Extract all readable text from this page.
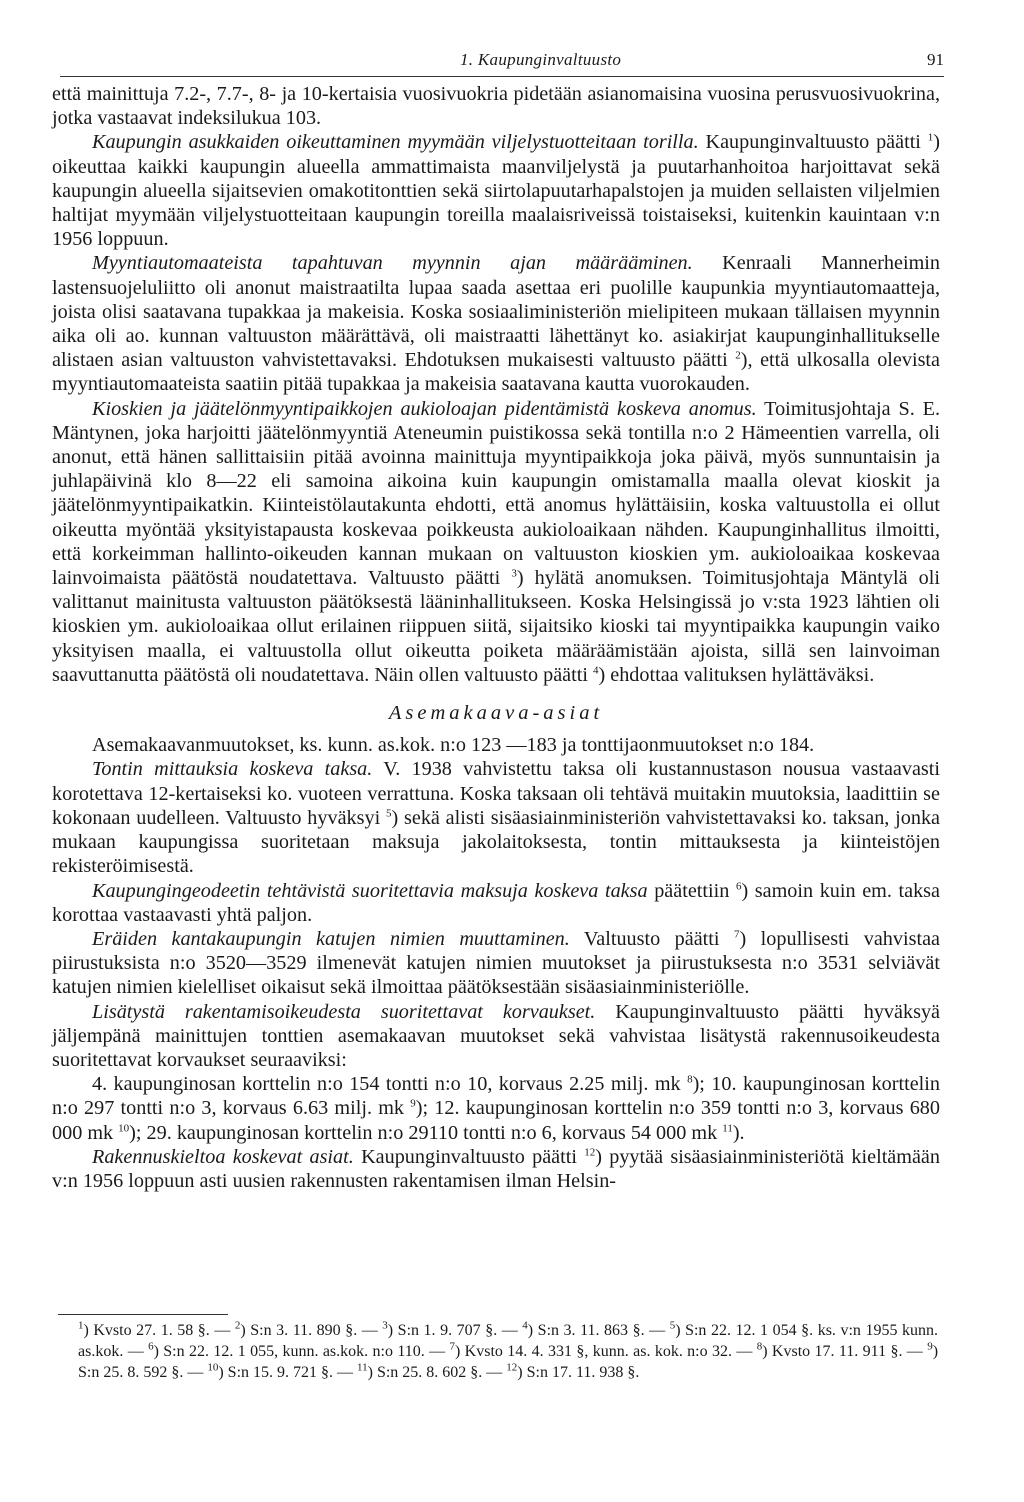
1. Kaupunginvaltuusto	91

että mainittuja 7.2-, 7.7-, 8- ja 10-kertaisia vuosivuokria pidetään asianomaisina vuosina perusvuosivuokrina, jotka vastaavat indeksilukua 103.

Kaupungin asukkaiden oikeuttaminen myymään viljelystuotteitaan torilla. Kaupunginvaltuusto päätti $^1$) oikeuttaa kaikki kaupungin alueella ammattimaista maanviljelystä ja puutarhanhoitoa harjoittavat sekä kaupungin alueella sijaitsevien omakotitonttien sekä siirtolapuutarhapalstojen ja muiden sellaisten viljelmien haltijat myymään viljelystuotteitaan kaupungin toreilla maalaisriveissä toistaiseksi, kuitenkin kauintaan v:n 1956 loppuun.

Myyntiautomaateista tapahtuvan myynnin ajan määrääminen. Kenraali Mannerheimin lastensuojeluliitto oli anonut maistraatilta lupaa saada asettaa eri puolille kaupunkia myyntiautomaatteja, joista olisi saatavana tupakkaa ja makeisia. Koska sosiaaliministeriön mielipiteen mukaan tällaisen myynnin aika oli ao. kunnan valtuuston määrättävä, oli maistraatti lähettänyt ko. asiakirjat kaupunginhallitukselle alistaen asian valtuuston vahvistettavaksi. Ehdotuksen mukaisesti valtuusto päätti $^2$), että ulkosalla olevista myyntiautomaateista saatiin pitää tupakkaa ja makeisia saatavana kautta vuorokauden.

Kioskien ja jäätelönmyyntipaikkojen aukioloajan pidentämistä koskeva anomus. Toimitusjohtaja S. E. Mäntynen, joka harjoitti jäätelönmyyntiä Ateneumin puistikossa sekä tontilla n:o 2 Hämeentien varrella, oli anonut, että hänen sallittaisiin pitää avoinna mainittuja myyntipaikkoja joka päivä, myös sunnuntaisin ja juhlapäivinä klo 8—22 eli samoina aikoina kuin kaupungin omistamalla maalla olevat kioskit ja jäätelönmyyntipaikatkin. Kiinteistölautakunta ehdotti, että anomus hylättäisiin, koska valtuustolla ei ollut oikeutta myöntää yksityistapausta koskevaa poikkeusta aukioloaikaan nähden. Kaupunginhallitus ilmoitti, että korkeimman hallinto-oikeuden kannan mukaan on valtuuston kioskien ym. aukioloaikaa koskevaa lainvoimaista päätöstä noudatettava. Valtuusto päätti $^3$) hylätä anomuksen. Toimitusjohtaja Mäntylä oli valittanut mainitusta valtuuston päätöksestä lääninhallitukseen. Koska Helsingissä jo v:sta 1923 lähtien oli kioskien ym. aukioloaikaa ollut erilainen riippuen siitä, sijaitsiko kioski tai myyntipaikka kaupungin vaiko yksityisen maalla, ei valtuustolla ollut oikeutta poiketa määräämistään ajoista, sillä sen lainvoiman saavuttanutta päätöstä oli noudatettava. Näin ollen valtuusto päätti $^4$) ehdottaa valituksen hylättäväksi.

Asemakaava-asiat

Asemakaavanmuutokset, ks. kunn. as.kok. n:o 123 —183 ja tonttijaonmuutokset n:o 184.

Tontin mittauksia koskeva taksa. V. 1938 vahvistettu taksa oli kustannustason nousua vastaavasti korotettava 12-kertaiseksi ko. vuoteen verrattuna. Koska taksaan oli tehtävä muitakin muutoksia, laadittiin se kokonaan uudelleen. Valtuusto hyväksyi $^5$) sekä alisti sisäasiainministeriön vahvistettavaksi ko. taksan, jonka mukaan kaupungissa suoritetaan maksuja jakolaitoksesta, tontin mittauksesta ja kiinteistöjen rekisteröimisestä.

Kaupungingeodeetin tehtävistä suoritettavia maksuja koskeva taksa päätettiin $^6$) samoin kuin em. taksa korottaa vastaavasti yhtä paljon.

Eräiden kantakaupungin katujen nimien muuttaminen. Valtuusto päätti $^7$) lopullisesti vahvistaa piirustuksista n:o 3520—3529 ilmenevät katujen nimien muutokset ja piirustuksesta n:o 3531 selviävät katujen nimien kielelliset oikaisut sekä ilmoittaa päätöksestään sisäasiainministeriölle.

Lisätystä rakentamisoikeudesta suoritettavat korvaukset. Kaupunginvaltuusto päätti hyväksyä jäljempänä mainittujen tonttien asemakaavan muutokset sekä vahvistaa lisätystä rakennusoikeudesta suoritettavat korvaukset seuraaviksi:

4. kaupunginosan korttelin n:o 154 tontti n:o 10, korvaus 2.25 milj. mk $^8$); 10. kaupunginosan korttelin n:o 297 tontti n:o 3, korvaus 6.63 milj. mk $^9$); 12. kaupunginosan korttelin n:o 359 tontti n:o 3, korvaus 680 000 mk $^{10}$); 29. kaupunginosan korttelin n:o 29110 tontti n:o 6, korvaus 54 000 mk $^{11}$).

Rakennuskieltoa koskevat asiat. Kaupunginvaltuusto päätti $^{12}$) pyytää sisäasiainministeriötä kieltämään v:n 1956 loppuun asti uusien rakennusten rakentamisen ilman Helsin-

$^1$) Kvsto 27. 1. 58 §. — $^2$) S:n 3. 11. 890 §. — $^3$) S:n 1. 9. 707 §. — $^4$) S:n 3. 11. 863 §. — $^5$) S:n 22. 12. 1 054 §. ks. v:n 1955 kunn. as.kok. — $^6$) S:n 22. 12. 1 055, kunn. as.kok. n:o 110. — $^7$) Kvsto 14. 4. 331 §, kunn. as. kok. n:o 32. — $^8$) Kvsto 17. 11. 911 §. — $^9$) S:n 25. 8. 592 §. — $^{10}$) S:n 15. 9. 721 §. — $^{11}$) S:n 25. 8. 602 §. — $^{12}$) S:n 17. 11. 938 §.
